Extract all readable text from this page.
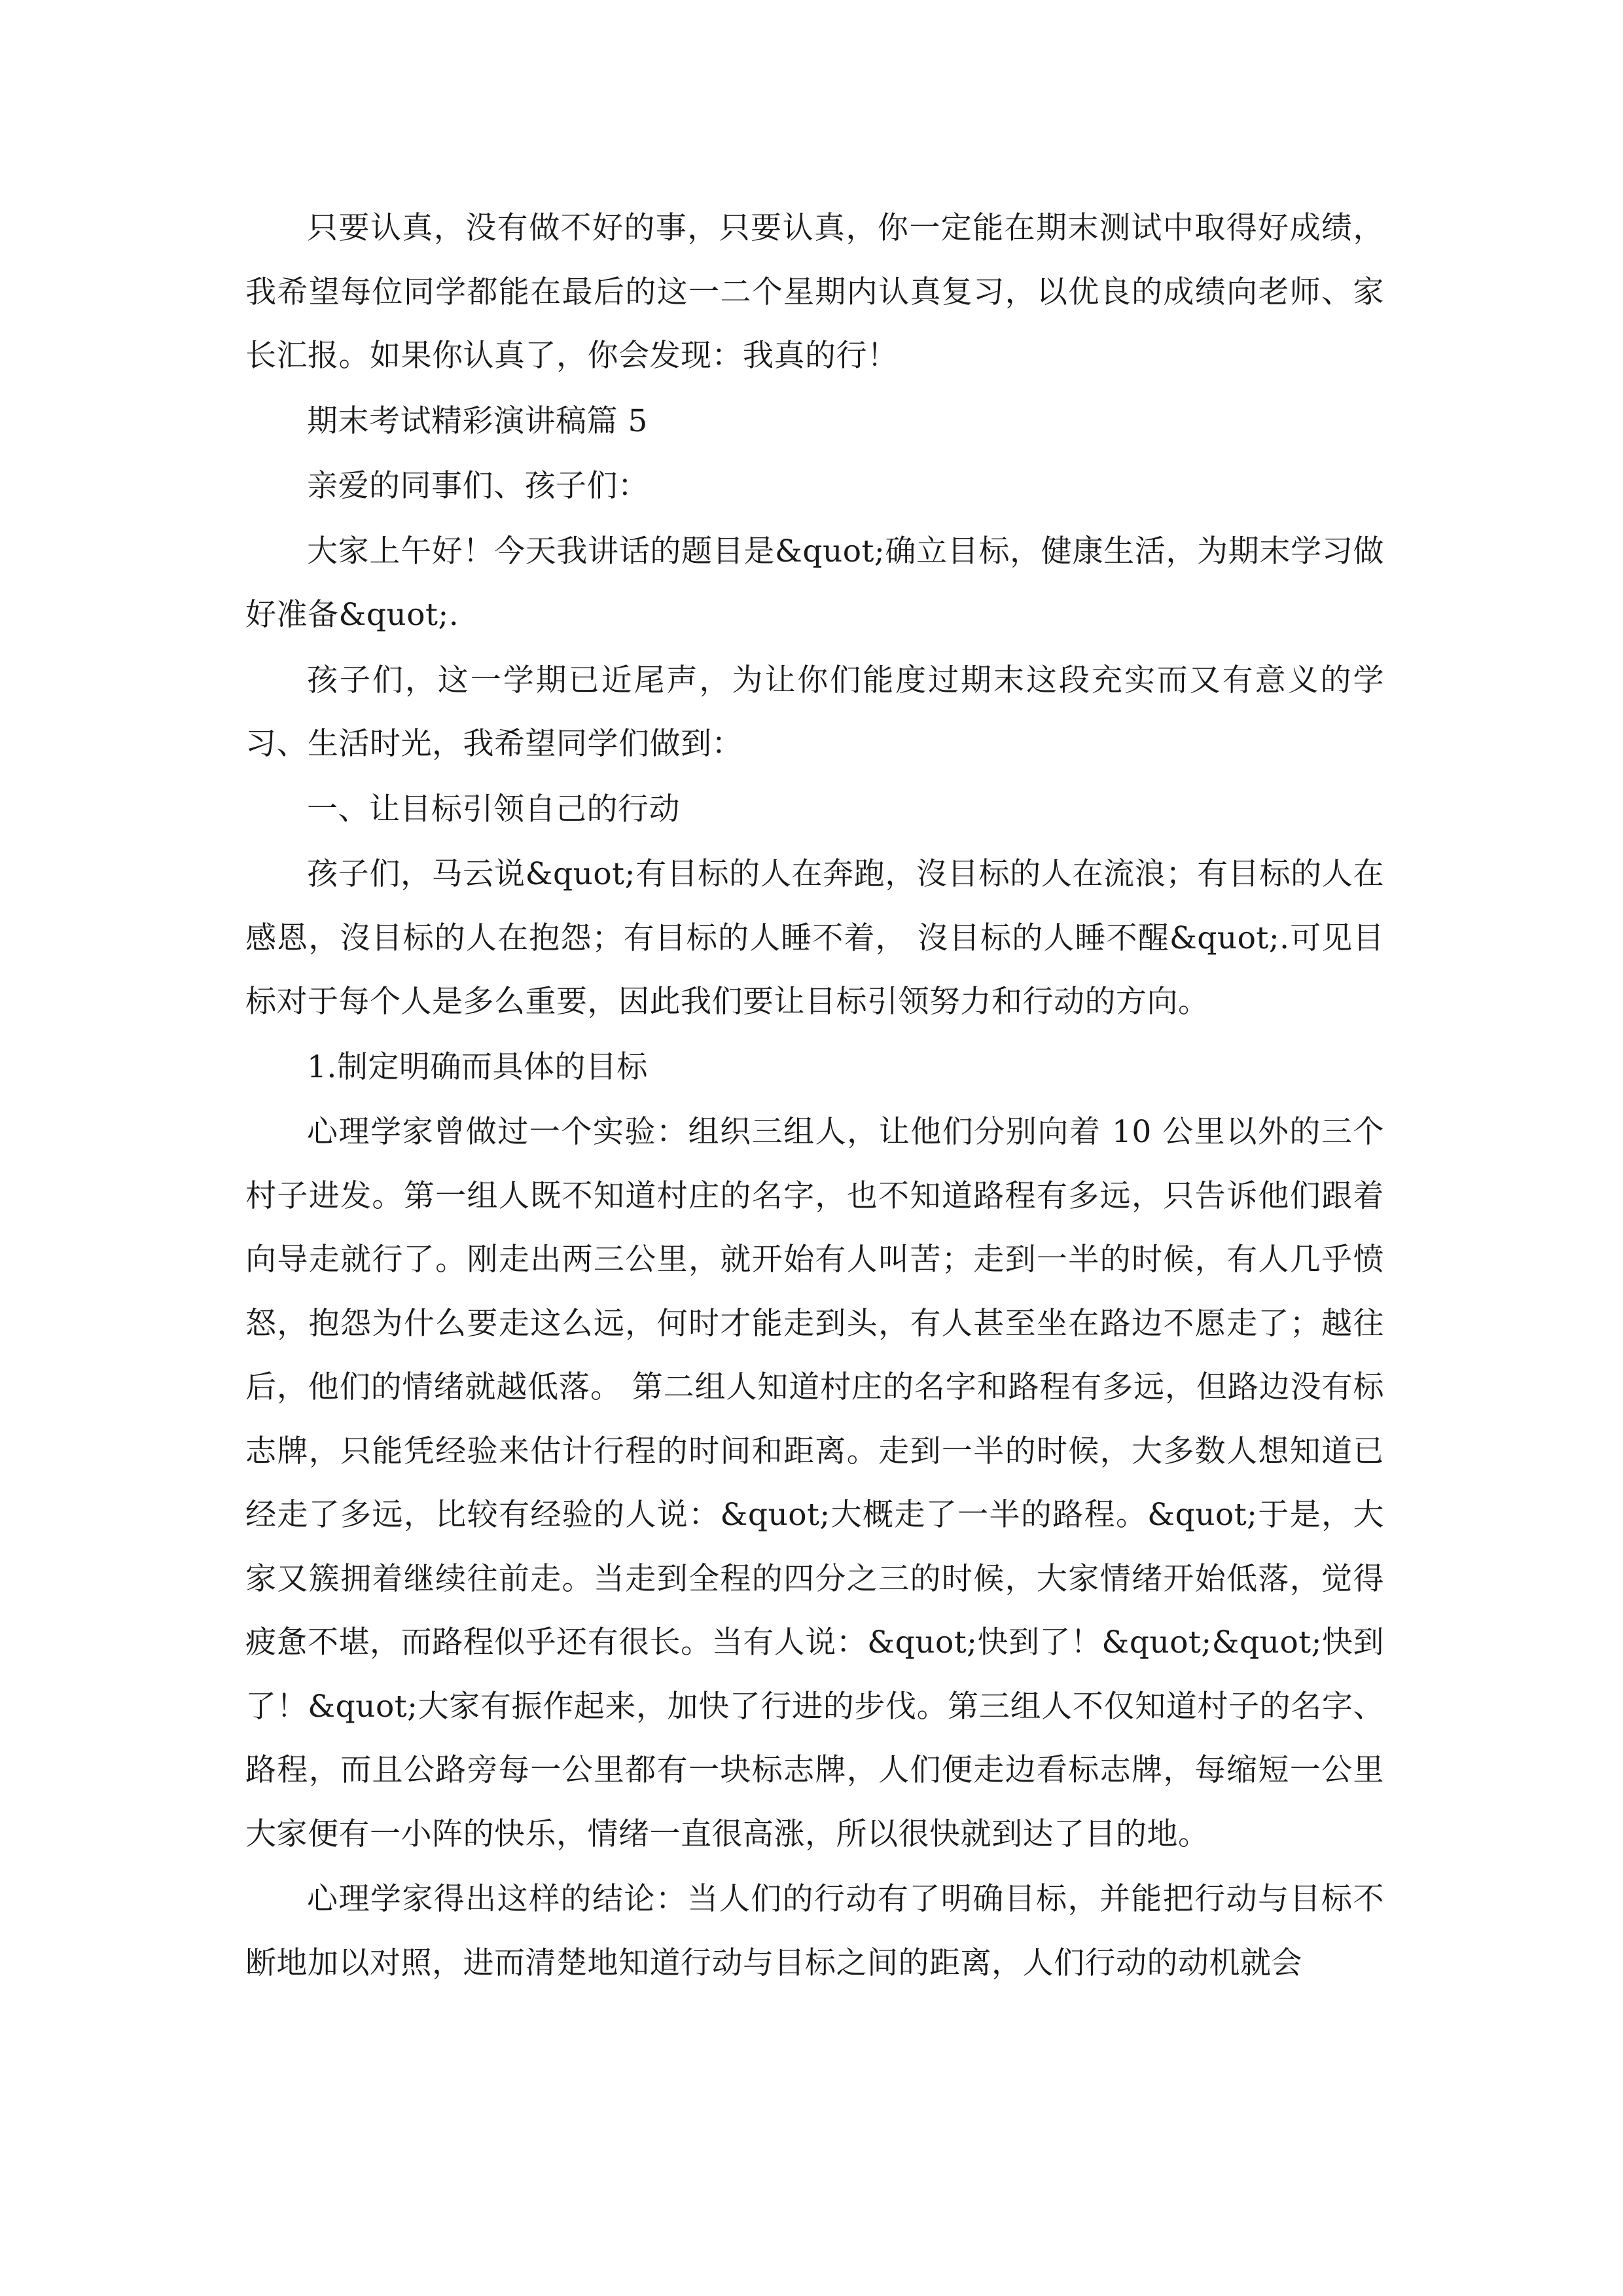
只要认真，没有做不好的事，只要认真，你一定能在期末测试中取得好成绩，我希望每位同学都能在最后的这一二个星期内认真复习，以优良的成绩向老师、家长汇报。如果你认真了，你会发现：我真的行！

期末考试精彩演讲稿篇 5

亲爱的同事们、孩子们：

大家上午好！今天我讲话的题目是&quot;确立目标，健康生活，为期末学习做好准备&quot;.

孩子们，这一学期已近尾声，为让你们能度过期末这段充实而又有意义的学习、生活时光，我希望同学们做到：

一、让目标引领自己的行动

孩子们，马云说&quot;有目标的人在奔跑，沒目标的人在流浪；有目标的人在感恩，沒目标的人在抱怨；有目标的人睡不着， 沒目标的人睡不醒&quot;.可见目标对于每个人是多么重要，因此我们要让目标引领努力和行动的方向。

1.制定明确而具体的目标

心理学家曾做过一个实验：组织三组人，让他们分别向着 10 公里以外的三个村子进发。第一组人既不知道村庄的名字，也不知道路程有多远，只告诉他们跟着向导走就行了。刚走出两三公里，就开始有人叫苦；走到一半的时候，有人几乎愤怒，抱怨为什么要走这么远，何时才能走到头，有人甚至坐在路边不愿走了；越往后，他们的情绪就越低落。 第二组人知道村庄的名字和路程有多远，但路边没有标志牌，只能凭经验来估计行程的时间和距离。走到一半的时候，大多数人想知道已经走了多远，比较有经验的人说：&quot;大概走了一半的路程。&quot;于是，大家又簇拥着继续往前走。当走到全程的四分之三的时候，大家情绪开始低落，觉得疲惫不堪，而路程似乎还有很长。当有人说：&quot;快到了！&quot;&quot;快到了！&quot;大家有振作起来，加快了行进的步伐。第三组人不仅知道村子的名字、路程，而且公路旁每一公里都有一块标志牌，人们便走边看标志牌，每缩短一公里大家便有一小阵的快乐，情绪一直很高涨，所以很快就到达了目的地。

心理学家得出这样的结论：当人们的行动有了明确目标，并能把行动与目标不断地加以对照，进而清楚地知道行动与目标之间的距离，人们行动的动机就会
